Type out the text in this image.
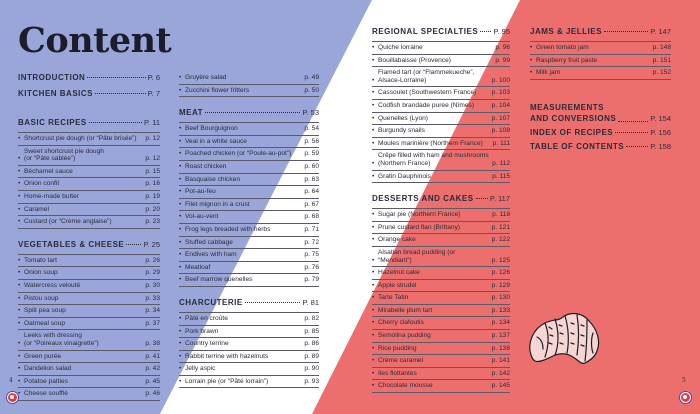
Content
INTRODUCTION	P. 6
KITCHEN BASICS	P. 7
BASIC RECIPES	P. 11
• Shortcrust pie dough (or “Pâte brisée”)	p. 12
•
Sweet shortcrust pie dough
(or “Pâte sablée”)	p. 12
• Béchamel sauce	p. 15
• Onion confit	p. 16
• Home-made butter	p. 19
• Caramel	p. 20
• Custard (or “Crème anglaise”)	p. 23
VEGETABLES & CHEESE	P. 25
• Tomato tart	p. 26
• Onion soup	p. 29
• Watercress velouté	p. 30
• Pistou soup	p. 33
• Split pea soup	p. 34
• Oatmeal soup	p. 37
•
Leeks with dressing
(or “Poireaux vinaigrette”)	p. 38
• Green purée	p. 41
• Dandelion salad	p. 42
• Potatoe patties	p. 45
• Cheese soufflé	p. 46
• Gruyère salad	p. 49
• Zucchini flower fritters	p. 50
MEAT	P. 53
• Beef Bourguignon	p. 54
• Veal in a white sauce	p. 56
• Poached chicken (or “Poule-au-pot”)	p. 59
• Roast chicken	p. 60
• Basquaise chicken	p. 63
• Pot-au-feu	p. 64
• Filet mignon in a crust	p. 67
• Vol-au-vent	p. 68
• Frog legs breaded with herbs	p. 71
• Stuffed cabbage	p. 72
• Endives with ham	p. 75
• Meatloaf	p. 76
• Beef marrow quenelles	p. 79
CHARCUTERIE	P. 81
• Pâté en croûte	p. 82
• Pork brawn	p. 85
• Country terrine	p. 86
• Rabbit terrine with hazelnuts	p. 89
• Jelly aspic	p. 90
• Lorrain pie (or “Pâté lorrain”)	p. 93
REGIONAL SPECIALTIES P. 95
• Quiche lorraine	p. 96
• Bouillabaisse (Provence)	p. 99
•
Flamed tart (or “Flammekueche”,
Alsace-Lorraine)	p. 100
• Cassoulet (Southwestern France)	p. 103
• Codfish brandade puree (Nîmes)	p. 104
• Quenelles (Lyon)	p. 107
• Burgundy snails	p. 108
• Moules marinière (Northern France)	p. 111
•
Crêpe filled with ham and mushrooms
(Northern France)	p. 112
• Gratin Dauphinois	p. 115
DESSERTS AND CAKES P. 117
• Sugar pie (Northern France)	p. 118
• Prune custard flan (Brittany)	p. 121
• Orange cake	p. 122
•
Alsatian bread pudding (or “Mendiant”)	p. 125
• Hazelnut cake	p. 126
• Apple strudel	p. 129
• Tarte Tatin	p. 130
• Mirabelle plum tart	p. 133
• Cherry clafoutis	p. 134
• Semolina pudding	p. 137
• Rice pudding	p. 138
• Crème caramel	p. 141
• Iles flottantes	p. 142
• Chocolate mousse	p. 145
JAMS & JELLIES	P. 147
• Green tomato jam	p. 148
• Raspberry fruit paste	p. 151
• Milk jam	p. 152
MEASUREMENTS
AND CONVERSIONS	P. 154
INDEX OF RECIPES	P. 156
TABLE OF CONTENTS	P. 158
4	5
